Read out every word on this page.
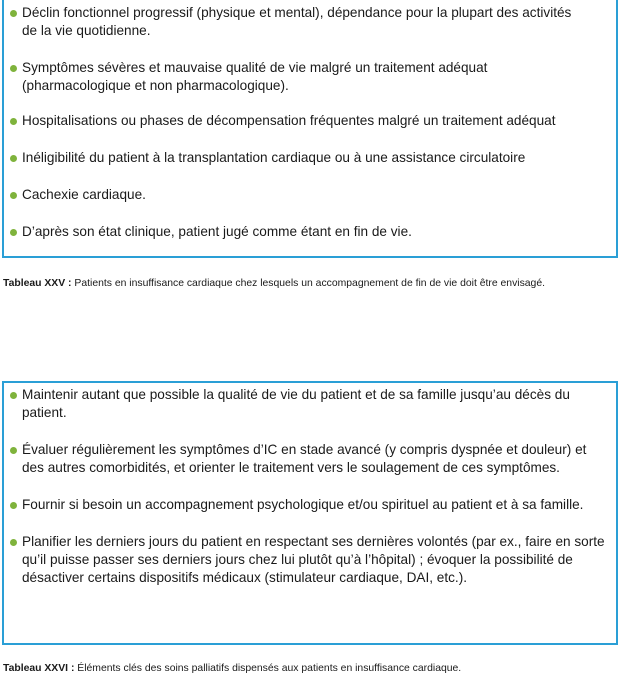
Déclin fonctionnel progressif (physique et mental), dépendance pour la plupart des activités de la vie quotidienne.
Symptômes sévères et mauvaise qualité de vie malgré un traitement adéquat (pharmacologique et non pharmacologique).
Hospitalisations ou phases de décompensation fréquentes malgré un traitement adéquat
Inéligibilité du patient à la transplantation cardiaque ou à une assistance circulatoire
Cachexie cardiaque.
D’après son état clinique, patient jugé comme étant en fin de vie.
Tableau XXV : Patients en insuffisance cardiaque chez lesquels un accompagnement de fin de vie doit être envisagé.
Maintenir autant que possible la qualité de vie du patient et de sa famille jusqu’au décès du patient.
Évaluer régulièrement les symptômes d’IC en stade avancé (y compris dyspnée et douleur) et des autres comorbidités, et orienter le traitement vers le soulagement de ces symptômes.
Fournir si besoin un accompagnement psychologique et/ou spirituel au patient et à sa famille.
Planifier les derniers jours du patient en respectant ses dernières volontés (par ex., faire en sorte qu’il puisse passer ses derniers jours chez lui plutôt qu’à l’hôpital) ; évoquer la possibilité de désactiver certains dispositifs médicaux (stimulateur cardiaque, DAI, etc.).
Tableau XXVI : Éléments clés des soins palliatifs dispensés aux patients en insuffisance cardiaque.
